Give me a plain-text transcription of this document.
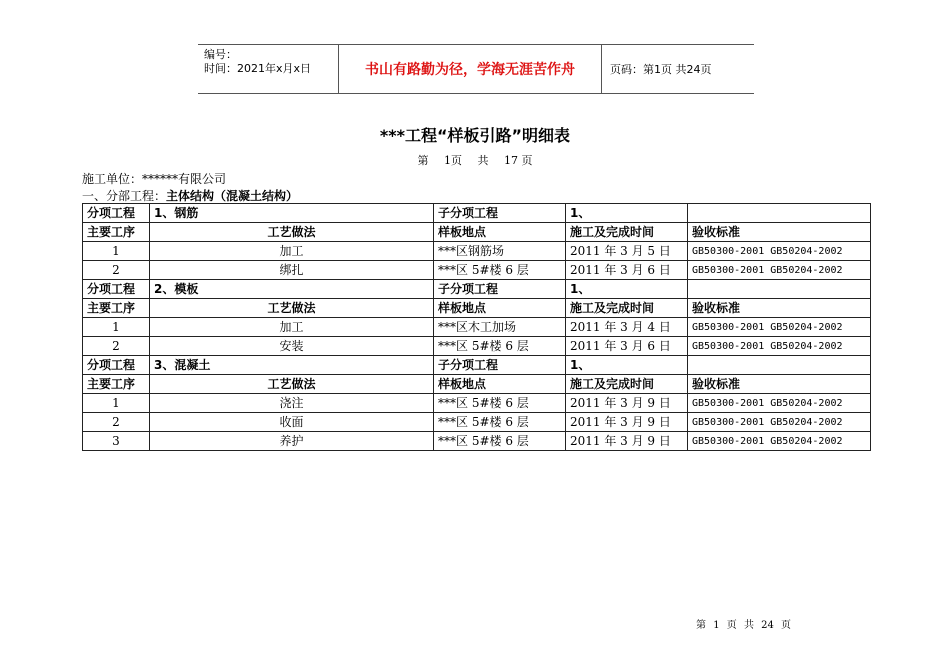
编号：
时间：2021年x月x日	书山有路勤为径，学海无涯苦作舟	页码：第1页 共24页
***工程“样板引路”明细表
第 1页 共 17 页
施工单位：******有限公司
一、分部工程：主体结构（混凝土结构）
分项工程	1、钢筋	子分项工程	1、	
主要工序	工艺做法	样板地点	施工及完成时间	验收标准
1	加工	***区钢筋场	2011 年 3 月 5 日	GB50300-2001 GB50204-2002
2	绑扎	***区 5#楼 6 层	2011 年 3 月 6 日	GB50300-2001 GB50204-2002
分项工程	2、模板	子分项工程	1、	
主要工序	工艺做法	样板地点	施工及完成时间	验收标准
1	加工	***区木工加场	2011 年 3 月 4 日	GB50300-2001 GB50204-2002
2	安装	***区 5#楼 6 层	2011 年 3 月 6 日	GB50300-2001 GB50204-2002
分项工程	3、混凝土	子分项工程	1、	
主要工序	工艺做法	样板地点	施工及完成时间	验收标准
1	浇注	***区 5#楼 6 层	2011 年 3 月 9 日	GB50300-2001 GB50204-2002
2	收面	***区 5#楼 6 层	2011 年 3 月 9 日	GB50300-2001 GB50204-2002
3	养护	***区 5#楼 6 层	2011 年 3 月 9 日	GB50300-2001 GB50204-2002
第 1 页 共 24 页
